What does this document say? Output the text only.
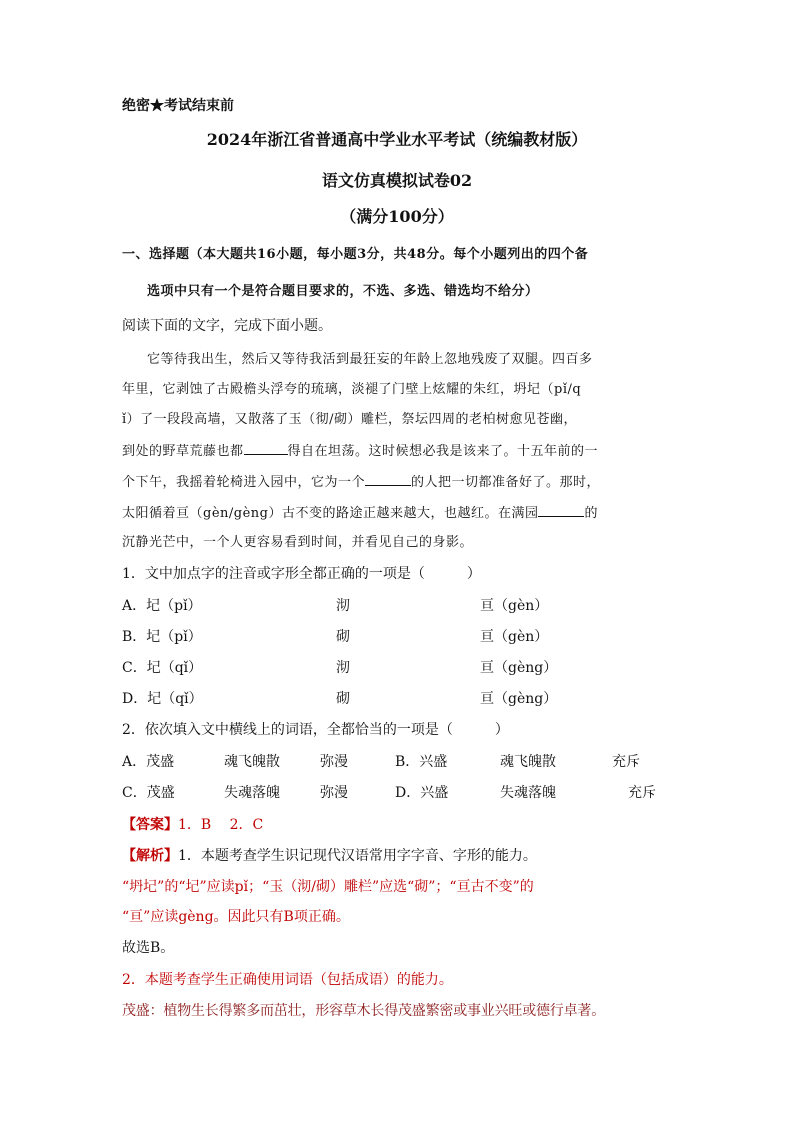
绝密★考试结束前
2024年浙江省普通高中学业水平考试（统编教材版）
语文仿真模拟试卷02
（满分100分）
一、选择题（本大题共16小题，每小题3分，共48分。每个小题列出的四个备
选项中只有一个是符合题目要求的，不选、多选、错选均不给分）
阅读下面的文字，完成下面小题。
它等待我出生，然后又等待我活到最狂妄的年龄上忽地残废了双腿。四百多
年里，它剥蚀了古殿檐头浮夸的琉璃，淡褪了门壁上炫耀的朱红，坍圮（pǐ/q
ǐ）了一段段高墙，又散落了玉（彻/砌）雕栏，祭坛四周的老柏树愈见苍幽，
到处的野草荒藤也都	得自在坦荡。这时候想必我是该来了。十五年前的一
个下午，我摇着轮椅进入园中，它为一个	的人把一切都准备好了。那时，
太阳循着亘（gèn/gèng）古不变的路途正越来越大，也越红。在满园	的
沉静光芒中，一个人更容易看到时间，并看见自己的身影。
1．文中加点字的注音或字形全都正确的一项是（　　　）
A．圮（pǐ）	沏	亘（gèn）
B．圮（pǐ）	砌	亘（gèn）
C．圮（qǐ）	沏	亘（gèng）
D．圮（qǐ）	砌	亘（gèng）
2．依次填入文中横线上的词语，全都恰当的一项是（　　　）
A．茂盛	魂飞魄散	弥漫	B．兴盛	魂飞魄散	充斥
C．茂盛	失魂落魄	弥漫	D．兴盛	失魂落魄	充斥
【答案】1．B　 2．C
【解析】1．本题考查学生识记现代汉语常用字字音、字形的能力。
“坍圮”的“圮”应读pǐ；“玉（沏/砌）雕栏”应选“砌”；“亘古不变”的
“亘”应读gèng。因此只有B项正确。
故选B。
2．本题考查学生正确使用词语（包括成语）的能力。
茂盛：植物生长得繁多而茁壮，形容草木长得茂盛繁密或事业兴旺或德行卓著。
